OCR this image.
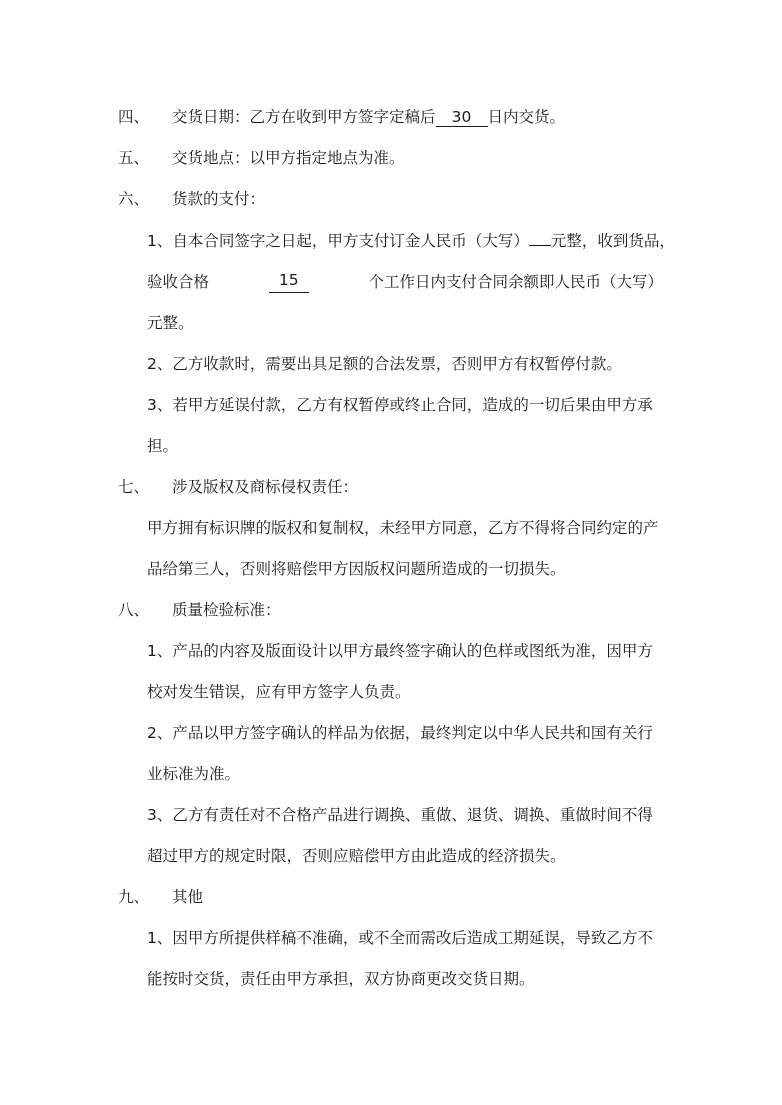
四、 交货日期：乙方在收到甲方签字定稿后 30 日内交货。
五、 交货地点：以甲方指定地点为准。
六、 货款的支付：
1、自本合同签字之日起，甲方支付订金人民币（大写） 元整，收到货品，
验收合格	15	个工作日内支付合同余额即人民币（大写）
元整。
2、乙方收款时，需要出具足额的合法发票，否则甲方有权暂停付款。
3、若甲方延误付款，乙方有权暂停或终止合同，造成的一切后果由甲方承
担。
七、 涉及版权及商标侵权责任：
甲方拥有标识牌的版权和复制权，未经甲方同意，乙方不得将合同约定的产
品给第三人，否则将赔偿甲方因版权问题所造成的一切损失。
八、 质量检验标准：
1、产品的内容及版面设计以甲方最终签字确认的色样或图纸为准，因甲方
校对发生错误，应有甲方签字人负责。
2、产品以甲方签字确认的样品为依据，最终判定以中华人民共和国有关行
业标准为准。
3、乙方有责任对不合格产品进行调换、重做、退货、调换、重做时间不得
超过甲方的规定时限，否则应赔偿甲方由此造成的经济损失。
九、 其他
1、因甲方所提供样稿不准确，或不全而需改后造成工期延误，导致乙方不
能按时交货，责任由甲方承担，双方协商更改交货日期。
